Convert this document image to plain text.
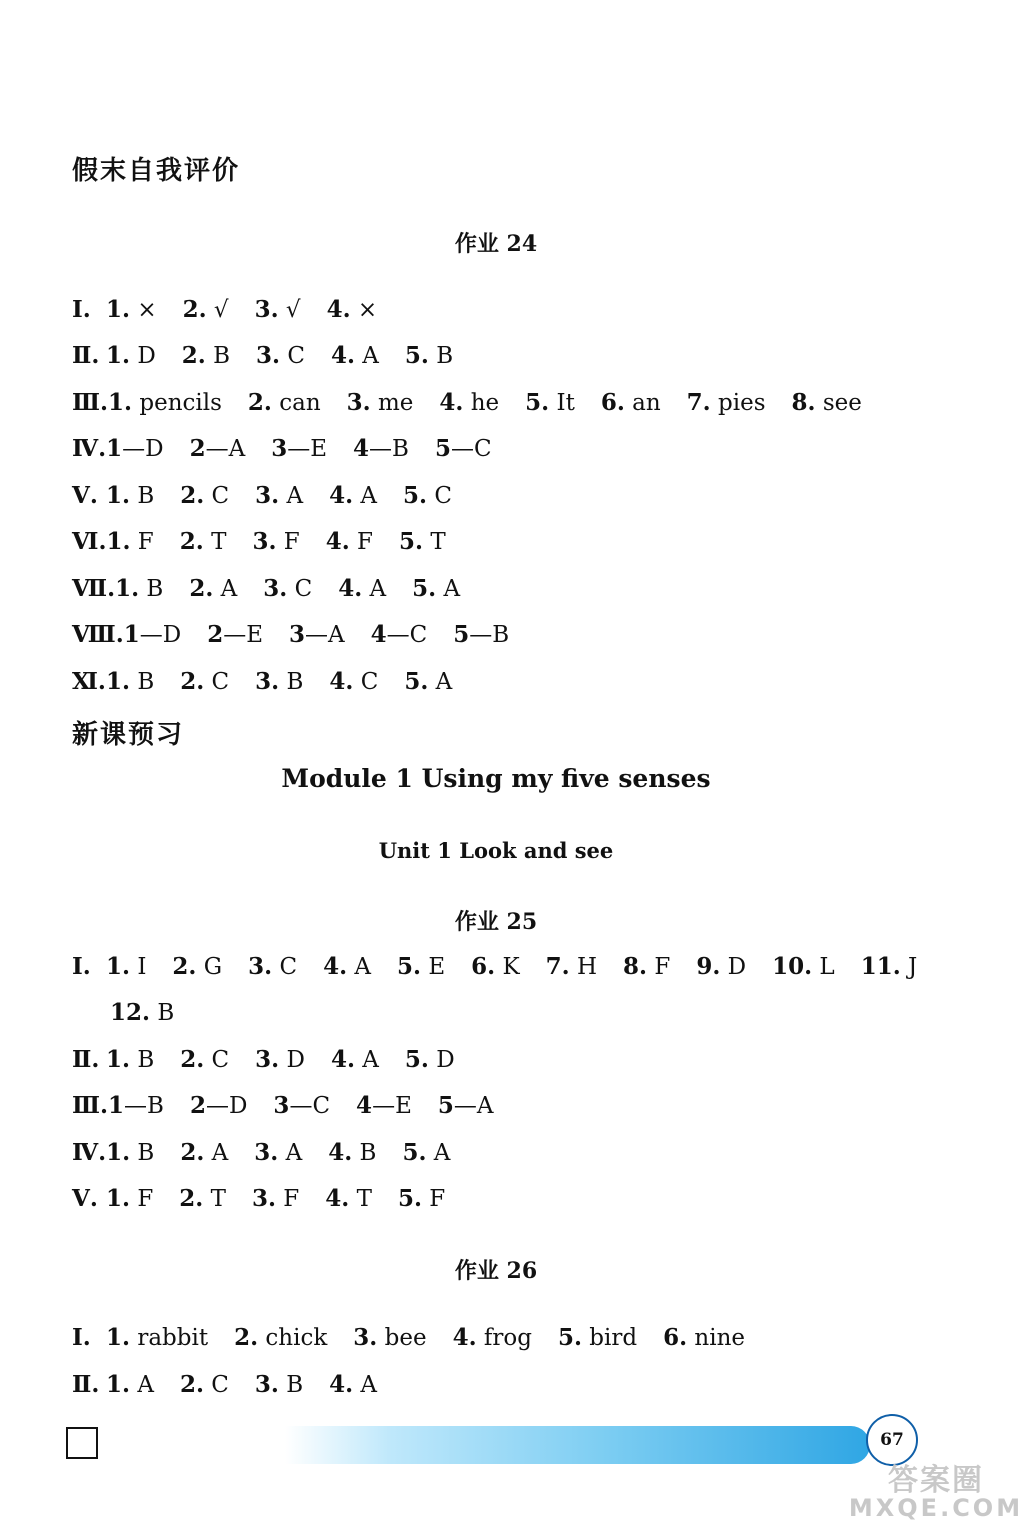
假末自我评价
作业 24
Ⅰ. 1. × 2. √ 3. √ 4. ×
Ⅱ. 1. D 2. B 3. C 4. A 5. B
Ⅲ.1. pencils 2. can 3. me 4. he 5. It 6. an 7. pies 8. see
Ⅳ.1—D 2—A 3—E 4—B 5—C
Ⅴ. 1. B 2. C 3. A 4. A 5. C
Ⅵ.1. F 2. T 3. F 4. F 5. T
Ⅶ.1. B 2. A 3. C 4. A 5. A
Ⅷ.1—D 2—E 3—A 4—C 5—B
Ⅺ.1. B 2. C 3. B 4. C 5. A
新课预习
Module 1 Using my five senses
Unit 1 Look and see
作业 25
Ⅰ. 1. I 2. G 3. C 4. A 5. E 6. K 7. H 8. F 9. D 10. L 11. J
12. B
Ⅱ. 1. B 2. C 3. D 4. A 5. D
Ⅲ.1—B 2—D 3—C 4—E 5—A
Ⅳ.1. B 2. A 3. A 4. B 5. A
Ⅴ. 1. F 2. T 3. F 4. T 5. F
作业 26
Ⅰ. 1. rabbit 2. chick 3. bee 4. frog 5. bird 6. nine
Ⅱ. 1. A 2. C 3. B 4. A
67
答案圈
MXQE.COM
